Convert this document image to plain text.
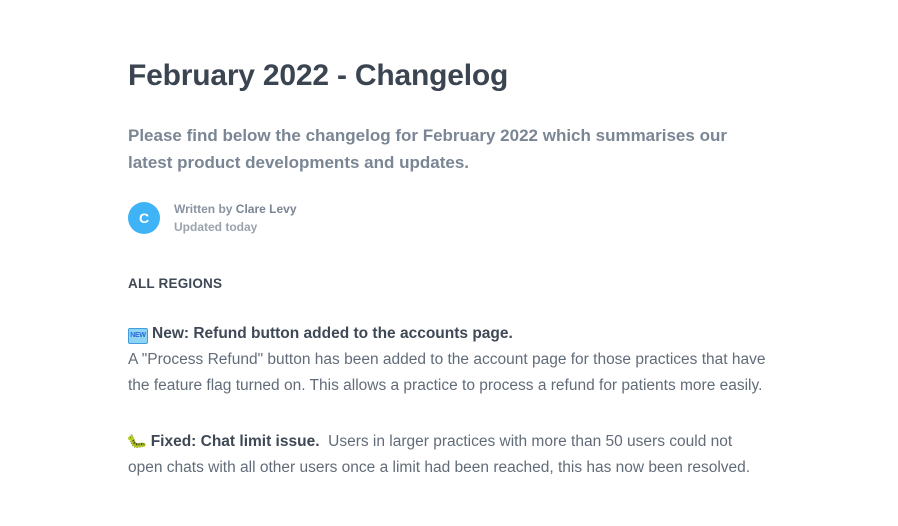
February 2022 - Changelog

Please find below the changelog for February 2022 which summarises our latest product developments and updates.

C
Written by Clare Levy
Updated today
ALL REGIONS
NEW New: Refund button added to the accounts page.
A "Process Refund" button has been added to the account page for those practices that have the feature flag turned on. This allows a practice to process a refund for patients more easily.
🐛 Fixed: Chat limit issue. Users in larger practices with more than 50 users could not open chats with all other users once a limit had been reached, this has now been resolved.
